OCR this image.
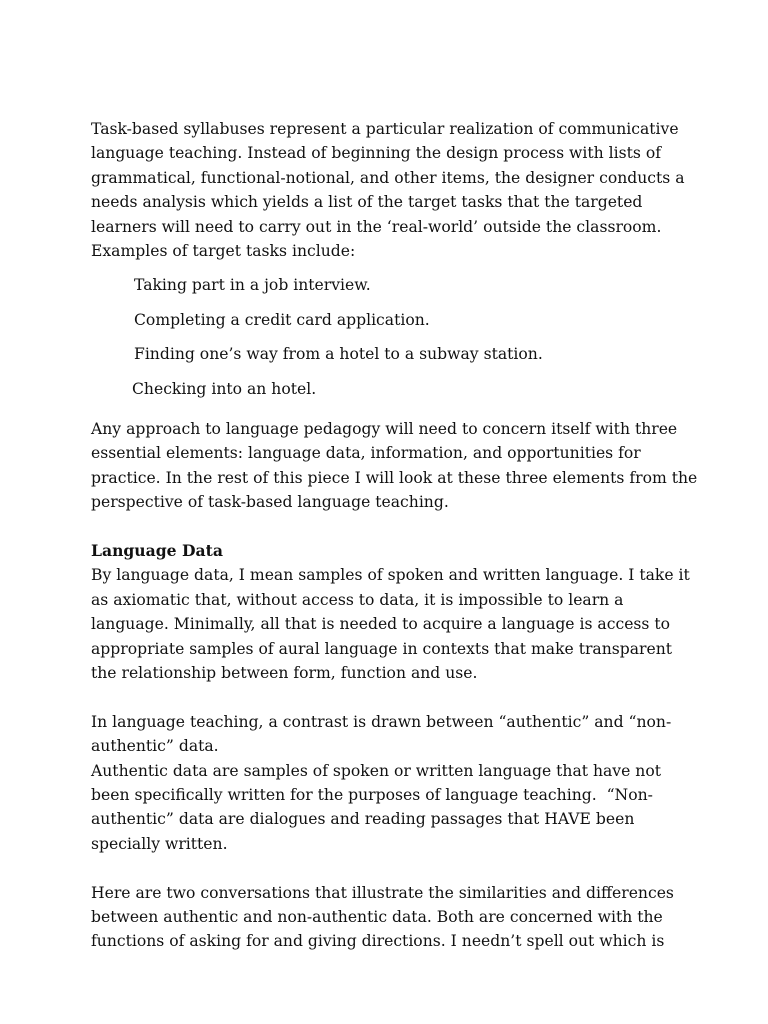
Task-based syllabuses represent a particular realization of communicative
language teaching. Instead of beginning the design process with lists of
grammatical, functional-notional, and other items, the designer conducts a
needs analysis which yields a list of the target tasks that the targeted
learners will need to carry out in the ‘real-world’ outside the classroom.
Examples of target tasks include:

Taking part in a job interview.

Completing a credit card application.

Finding one’s way from a hotel to a subway station.

Checking into an hotel.

Any approach to language pedagogy will need to concern itself with three
essential elements: language data, information, and opportunities for
practice. In the rest of this piece I will look at these three elements from the
perspective of task-based language teaching.

Language Data

By language data, I mean samples of spoken and written language. I take it
as axiomatic that, without access to data, it is impossible to learn a
language. Minimally, all that is needed to acquire a language is access to
appropriate samples of aural language in contexts that make transparent
the relationship between form, function and use.

In language teaching, a contrast is drawn between “authentic” and “non-
authentic” data.
Authentic data are samples of spoken or written language that have not
been specifically written for the purposes of language teaching.  “Non-
authentic” data are dialogues and reading passages that HAVE been
specially written.

Here are two conversations that illustrate the similarities and differences
between authentic and non-authentic data. Both are concerned with the
functions of asking for and giving directions. I needn’t spell out which is
